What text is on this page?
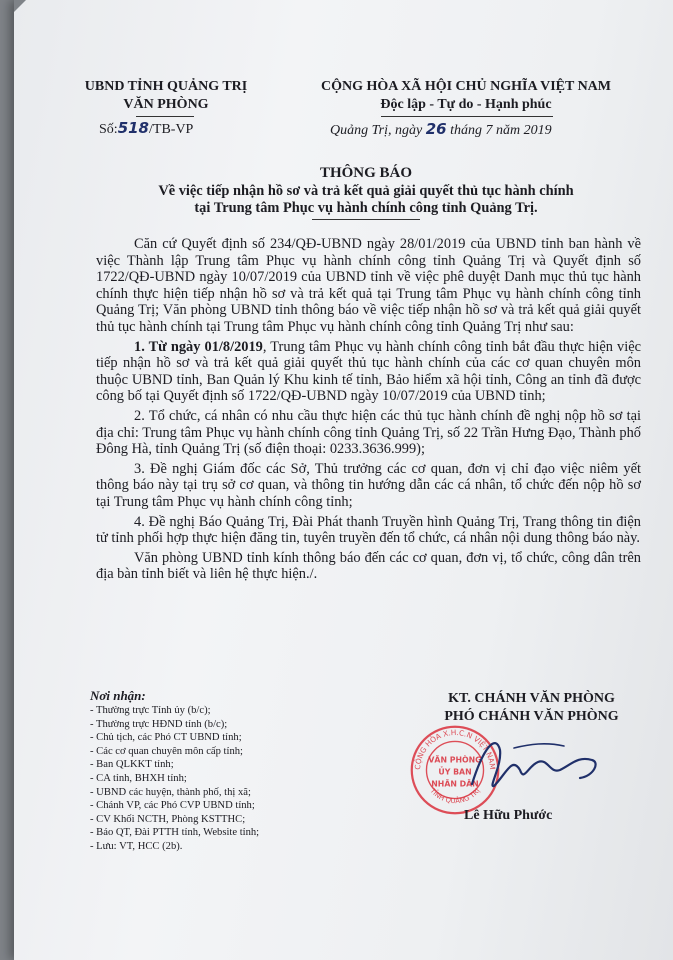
UBND TỈNH QUẢNG TRỊ
VĂN PHÒNG
Số:518/TB-VP
CỘNG HÒA XÃ HỘI CHỦ NGHĨA VIỆT NAM
Độc lập - Tự do - Hạnh phúc
Quảng Trị, ngày 26 tháng 7 năm 2019
THÔNG BÁO
Về việc tiếp nhận hồ sơ và trả kết quả giải quyết thủ tục hành chính
tại Trung tâm Phục vụ hành chính công tỉnh Quảng Trị.

Căn cứ Quyết định số 234/QĐ-UBND ngày 28/01/2019 của UBND tỉnh ban hành về việc Thành lập Trung tâm Phục vụ hành chính công tỉnh Quảng Trị và Quyết định số 1722/QĐ-UBND ngày 10/07/2019 của UBND tỉnh về việc phê duyệt Danh mục thủ tục hành chính thực hiện tiếp nhận hồ sơ và trả kết quả tại Trung tâm Phục vụ hành chính công tỉnh Quảng Trị; Văn phòng UBND tỉnh thông báo về việc tiếp nhận hồ sơ và trả kết quả giải quyết thủ tục hành chính tại Trung tâm Phục vụ hành chính công tỉnh Quảng Trị như sau:

1. Từ ngày 01/8/2019, Trung tâm Phục vụ hành chính công tỉnh bắt đầu thực hiện việc tiếp nhận hồ sơ và trả kết quả giải quyết thủ tục hành chính của các cơ quan chuyên môn thuộc UBND tỉnh, Ban Quản lý Khu kinh tế tỉnh, Bảo hiểm xã hội tỉnh, Công an tỉnh đã được công bố tại Quyết định số 1722/QĐ-UBND ngày 10/07/2019 của UBND tỉnh;

2. Tổ chức, cá nhân có nhu cầu thực hiện các thủ tục hành chính đề nghị nộp hồ sơ tại địa chỉ: Trung tâm Phục vụ hành chính công tỉnh Quảng Trị, số 22 Trần Hưng Đạo, Thành phố Đông Hà, tỉnh Quảng Trị (số điện thoại: 0233.3636.999);

3. Đề nghị Giám đốc các Sở, Thủ trưởng các cơ quan, đơn vị chỉ đạo việc niêm yết thông báo này tại trụ sở cơ quan, và thông tin hướng dẫn các cá nhân, tổ chức đến nộp hồ sơ tại Trung tâm Phục vụ hành chính công tỉnh;

4. Đề nghị Báo Quảng Trị, Đài Phát thanh Truyền hình Quảng Trị, Trang thông tin điện tử tỉnh phối hợp thực hiện đăng tin, tuyên truyền đến tổ chức, cá nhân nội dung thông báo này.

Văn phòng UBND tỉnh kính thông báo đến các cơ quan, đơn vị, tổ chức, công dân trên địa bàn tỉnh biết và liên hệ thực hiện./.

Nơi nhận:
- Thường trực Tỉnh ủy (b/c);
- Thường trực HĐND tỉnh (b/c);
- Chủ tịch, các Phó CT UBND tỉnh;
- Các cơ quan chuyên môn cấp tỉnh;
- Ban QLKKT tỉnh;
- CA tỉnh, BHXH tỉnh;
- UBND các huyện, thành phố, thị xã;
- Chánh VP, các Phó CVP UBND tỉnh;
- CV Khối NCTH, Phòng KSTTHC;
- Báo QT, Đài PTTH tỉnh, Website tỉnh;
- Lưu: VT, HCC (2b).
KT. CHÁNH VĂN PHÒNG
PHÓ CHÁNH VĂN PHÒNG
CỘNG HÒA X.H.C.N VIỆT NAM
TỈNH QUẢNG TRỊ
VĂN PHÒNG
ỦY BAN
NHÂN DÂN
Lê Hữu Phước
